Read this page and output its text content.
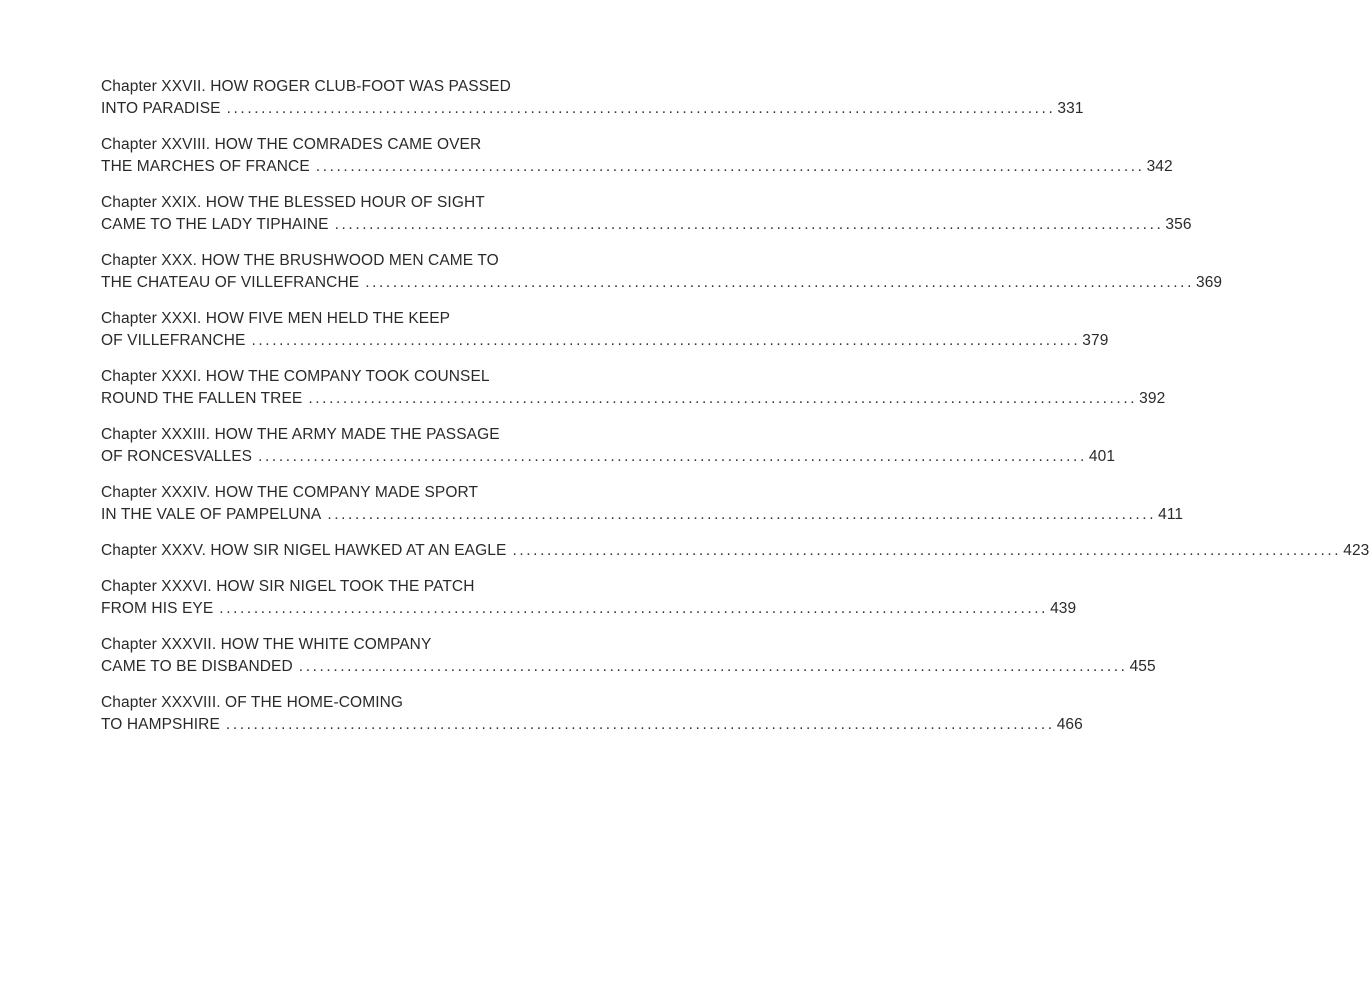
Chapter XXVII. HOW ROGER CLUB-FOOT WAS PASSED
INTO PARADISE ........................................................................................................................ 331
Chapter XXVIII. HOW THE COMRADES CAME OVER
THE MARCHES OF FRANCE ........................................................................................................................ 342
Chapter XXIX. HOW THE BLESSED HOUR OF SIGHT
CAME TO THE LADY TIPHAINE ........................................................................................................................ 356
Chapter XXX. HOW THE BRUSHWOOD MEN CAME TO
THE CHATEAU OF VILLEFRANCHE ........................................................................................................................ 369
Chapter XXXI. HOW FIVE MEN HELD THE KEEP
OF VILLEFRANCHE ........................................................................................................................ 379
Chapter XXXI. HOW THE COMPANY TOOK COUNSEL
ROUND THE FALLEN TREE ........................................................................................................................ 392
Chapter XXXIII. HOW THE ARMY MADE THE PASSAGE
OF RONCESVALLES ........................................................................................................................ 401
Chapter XXXIV. HOW THE COMPANY MADE SPORT
IN THE VALE OF PAMPELUNA ........................................................................................................................ 411
Chapter XXXV. HOW SIR NIGEL HAWKED AT AN EAGLE ........................................................................................................................ 423
Chapter XXXVI. HOW SIR NIGEL TOOK THE PATCH
FROM HIS EYE ........................................................................................................................ 439
Chapter XXXVII. HOW THE WHITE COMPANY
CAME TO BE DISBANDED ........................................................................................................................ 455
Chapter XXXVIII. OF THE HOME-COMING
TO HAMPSHIRE ........................................................................................................................ 466
